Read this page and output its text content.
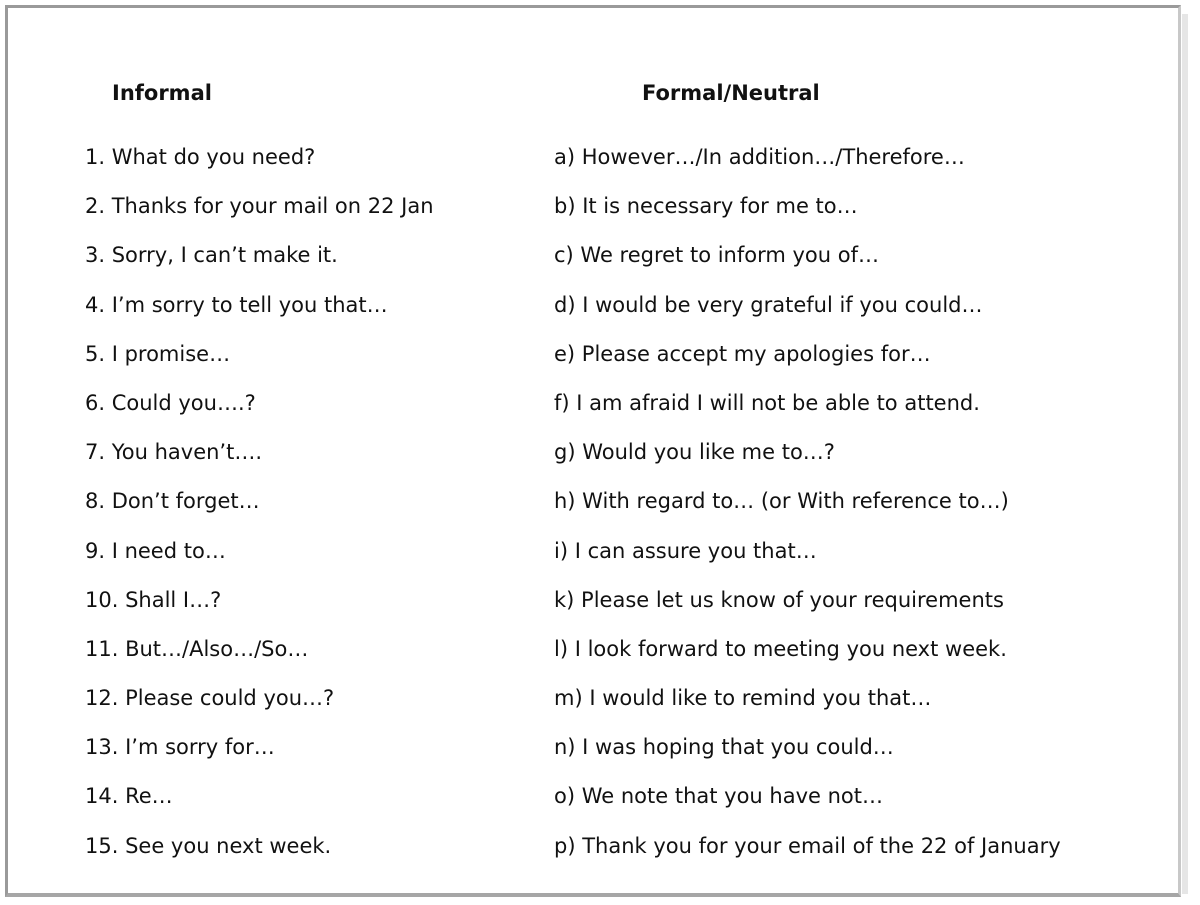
Informal	Formal/Neutral
1. What do you need?
2. Thanks for your mail on 22 Jan
3. Sorry, I can’t make it.
4. I’m sorry to tell you that…
5. I promise…
6. Could you….?
7. You haven’t….
8. Don’t forget…
9. I need to…
10. Shall I…?
11. But…/Also…/So…
12. Please could you…?
13. I’m sorry for…
14. Re…
15. See you next week.
a) However…/In addition…/Therefore…
b) It is necessary for me to…
c) We regret to inform you of…
d) I would be very grateful if you could…
e) Please accept my apologies for…
f) I am afraid I will not be able to attend.
g) Would you like me to…?
h) With regard to… (or With reference to…)
i) I can assure you that…
k) Please let us know of your requirements
l) I look forward to meeting you next week.
m) I would like to remind you that…
n) I was hoping that you could…
o) We note that you have not…
p) Thank you for your email of the 22 of January
